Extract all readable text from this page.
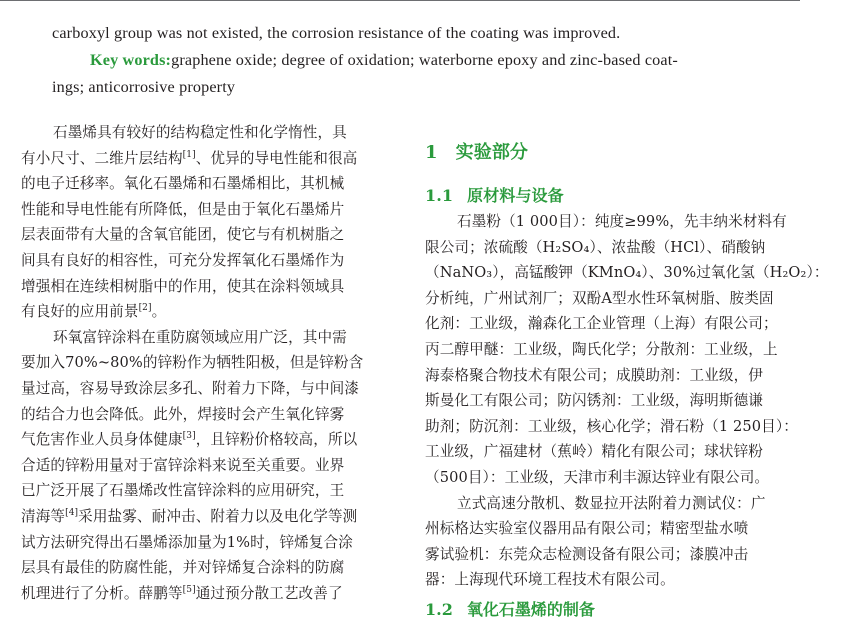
carboxyl group was not existed, the corrosion resistance of the coating was improved.
Key words:graphene oxide; degree of oxidation; waterborne epoxy and zinc-based coat-
ings; anticorrosive property
石墨烯具有较好的结构稳定性和化学惰性，具
有小尺寸、二维片层结构[1]、优异的导电性能和很高
的电子迁移率。氧化石墨烯和石墨烯相比，其机械
性能和导电性能有所降低，但是由于氧化石墨烯片
层表面带有大量的含氧官能团，使它与有机树脂之
间具有良好的相容性，可充分发挥氧化石墨烯作为
增强相在连续相树脂中的作用，使其在涂料领域具
有良好的应用前景[2]。
环氧富锌涂料在重防腐领域应用广泛，其中需
要加入70%~80%的锌粉作为牺牲阳极，但是锌粉含
量过高，容易导致涂层多孔、附着力下降，与中间漆
的结合力也会降低。此外，焊接时会产生氧化锌雾
气危害作业人员身体健康[3]，且锌粉价格较高，所以
合适的锌粉用量对于富锌涂料来说至关重要。业界
已广泛开展了石墨烯改性富锌涂料的应用研究，王
清海等[4]采用盐雾、耐冲击、附着力以及电化学等测
试方法研究得出石墨烯添加量为1%时，锌烯复合涂
层具有最佳的防腐性能，并对锌烯复合涂料的防腐
机理进行了分析。薛鹏等[5]通过预分散工艺改善了
1 实验部分
1.1 原材料与设备
石墨粉（1 000目）：纯度≥99%，先丰纳米材料有
限公司；浓硫酸（H₂SO₄）、浓盐酸（HCl）、硝酸钠
（NaNO₃），高锰酸钾（KMnO₄）、30%过氧化氢（H₂O₂）：
分析纯，广州试剂厂；双酚A型水性环氧树脂、胺类固
化剂：工业级，瀚森化工企业管理（上海）有限公司；
丙二醇甲醚：工业级，陶氏化学；分散剂：工业级，上
海泰格聚合物技术有限公司；成膜助剂：工业级，伊
斯曼化工有限公司；防闪锈剂：工业级，海明斯德谦
助剂；防沉剂：工业级，核心化学；滑石粉（1 250目）：
工业级，广福建材（蕉岭）精化有限公司；球状锌粉
（500目）：工业级，天津市利丰源达锌业有限公司。
立式高速分散机、数显拉开法附着力测试仪：广
州标格达实验室仪器用品有限公司；精密型盐水喷
雾试验机：东莞众志检测设备有限公司；漆膜冲击
器：上海现代环境工程技术有限公司。
1.2 氧化石墨烯的制备
